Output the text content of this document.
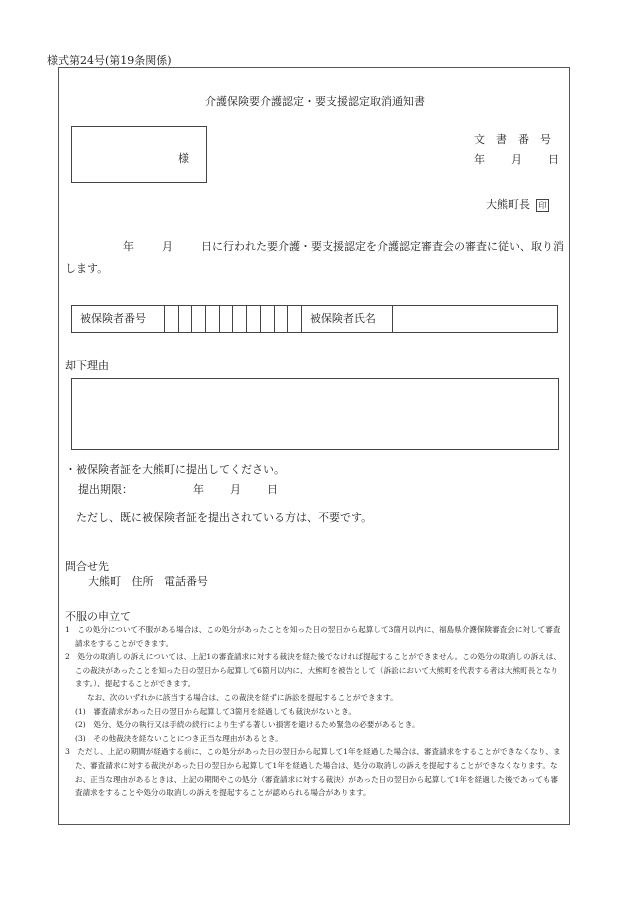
様式第24号(第19条関係)
介護保険要介護認定・要支援認定取消通知書
様
文書番号
年月日
大熊町長 印
年	月	日に行われた要介護・要支援認定を介護認定審査会の審査に従い、取り消します。
被保険者番号	被保険者氏名
却下理由
・被保険者証を大熊町に提出してください。
提出期限：	年 月 日
ただし、既に被保険者証を提出されている方は、不要です。
問合せ先
大熊町 住所 電話番号
不服の申立て

1　この処分について不服がある場合は、この処分があったことを知った日の翌日から起算して3箇月以内に、福島県介護保険審査会に対して審査請求をすることができます。

2　処分の取消しの訴えについては、上記1の審査請求に対する裁決を経た後でなければ提起することができません。この処分の取消しの訴えは、この裁決があったことを知った日の翌日から起算して6箇月以内に、大熊町を被告として（訴訟において大熊町を代表する者は大熊町長となります。）、提起することができます。

なお、次のいずれかに該当する場合は、この裁決を経ずに訴訟を提起することができます。

(1)　審査請求があった日の翌日から起算して3箇月を経過しても裁決がないとき。

(2)　処分、処分の執行又は手続の続行により生ずる著しい損害を避けるため緊急の必要があるとき。

(3)　その他裁決を経ないことにつき正当な理由があるとき。

3　ただし、上記の期間が経過する前に、この処分があった日の翌日から起算して1年を経過した場合は、審査請求をすることができなくなり、また、審査請求に対する裁決があった日の翌日から起算して1年を経過した場合は、処分の取消しの訴えを提起することができなくなります。なお、正当な理由があるときは、上記の期間やこの処分（審査請求に対する裁決）があった日の翌日から起算して1年を経過した後であっても審査請求をすることや処分の取消しの訴えを提起することが認められる場合があります。
